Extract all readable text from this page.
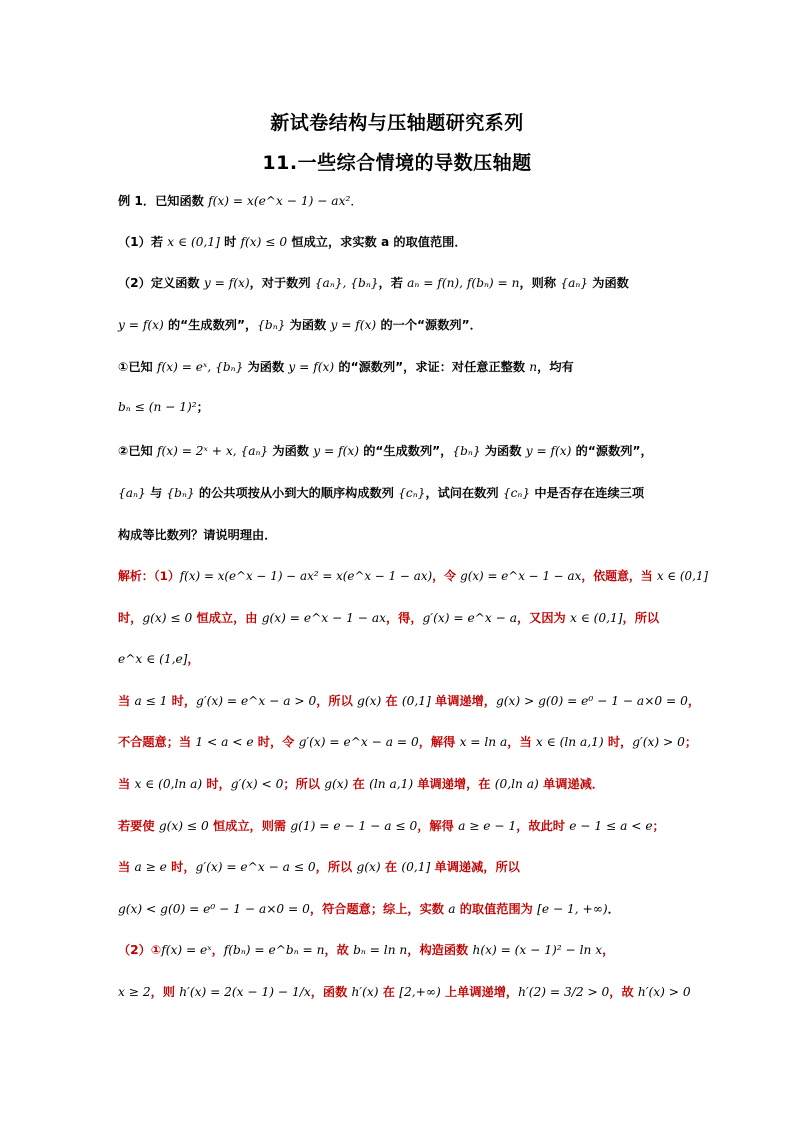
新试卷结构与压轴题研究系列
11.一些综合情境的导数压轴题
例 1．已知函数 f(x) = x(e^x − 1) − ax²．
（1）若 x ∈ (0,1] 时 f(x) ≤ 0 恒成立，求实数 a 的取值范围．
（2）定义函数 y = f(x)，对于数列 {aₙ}, {bₙ}，若 aₙ = f(n), f(bₙ) = n，则称 {aₙ} 为函数
y = f(x) 的“生成数列”，{bₙ} 为函数 y = f(x) 的一个“源数列”．
①已知 f(x) = eˣ, {bₙ} 为函数 y = f(x) 的“源数列”，求证：对任意正整数 n，均有
bₙ ≤ (n − 1)²；
②已知 f(x) = 2ˣ + x, {aₙ} 为函数 y = f(x) 的“生成数列”，{bₙ} 为函数 y = f(x) 的“源数列”，
{aₙ} 与 {bₙ} 的公共项按从小到大的顺序构成数列 {cₙ}，试问在数列 {cₙ} 中是否存在连续三项
构成等比数列？请说明理由．
解析：（1）f(x) = x(e^x − 1) − ax² = x(e^x − 1 − ax)，令 g(x) = e^x − 1 − ax，依题意，当 x ∈ (0,1]
时，g(x) ≤ 0 恒成立，由 g(x) = e^x − 1 − ax，得，g′(x) = e^x − a，又因为 x ∈ (0,1]，所以
e^x ∈ (1,e]，
当 a ≤ 1 时，g′(x) = e^x − a > 0，所以 g(x) 在 (0,1] 单调递增，g(x) > g(0) = e⁰ − 1 − a×0 = 0，
不合题意；当 1 < a < e 时，令 g′(x) = e^x − a = 0，解得 x = ln a，当 x ∈ (ln a,1) 时，g′(x) > 0；
当 x ∈ (0,ln a) 时，g′(x) < 0；所以 g(x) 在 (ln a,1) 单调递增，在 (0,ln a) 单调递减．
若要使 g(x) ≤ 0 恒成立，则需 g(1) = e − 1 − a ≤ 0，解得 a ≥ e − 1，故此时 e − 1 ≤ a < e；
当 a ≥ e 时，g′(x) = e^x − a ≤ 0，所以 g(x) 在 (0,1] 单调递减，所以
g(x) < g(0) = e⁰ − 1 − a×0 = 0，符合题意；综上，实数 a 的取值范围为 [e − 1, +∞)．
（2）①f(x) = eˣ，f(bₙ) = e^bₙ = n，故 bₙ = ln n，构造函数 h(x) = (x − 1)² − ln x，
x ≥ 2，则 h′(x) = 2(x − 1) − 1/x，函数 h′(x) 在 [2,+∞) 上单调递增，h′(2) = 3/2 > 0，故 h′(x) > 0
